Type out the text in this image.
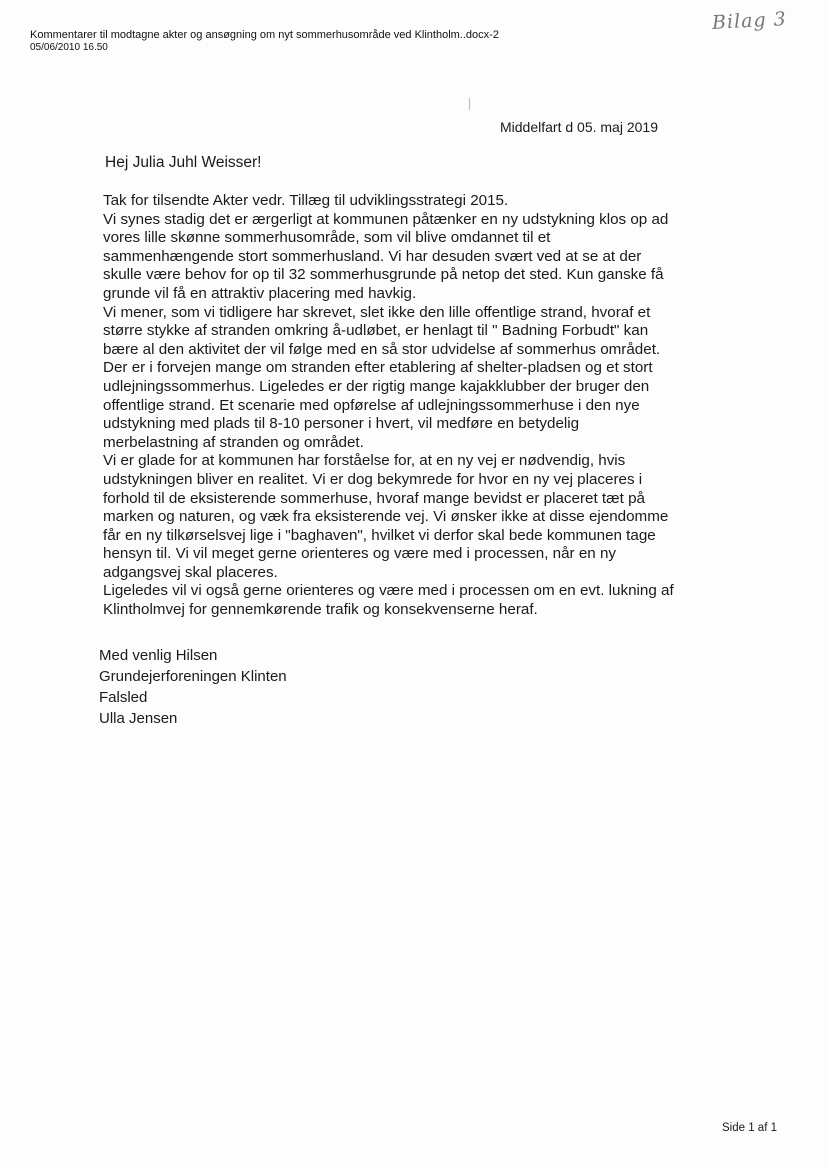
Kommentarer til modtagne akter og ansøgning om nyt sommerhusområde ved Klintholm..docx-2
05/06/2010 16.50
Bilag 3
Middelfart d 05. maj 2019
Hej Julia Juhl Weisser!
Tak for tilsendte Akter vedr. Tillæg til udviklingsstrategi 2015.
Vi synes stadig det er ærgerligt at kommunen påtænker en ny udstykning klos op ad
vores lille skønne sommerhusområde, som vil blive omdannet til et
sammenhængende stort sommerhusland. Vi har desuden svært ved at se at der
skulle være behov for op til 32 sommerhusgrunde på netop det sted. Kun ganske få
grunde vil få en attraktiv placering med havkig.
Vi mener, som vi tidligere har skrevet, slet ikke den lille offentlige strand, hvoraf et
større stykke af stranden omkring å-udløbet, er henlagt til " Badning Forbudt" kan
bære al den aktivitet der vil følge med en så stor udvidelse af sommerhus området.
Der er i forvejen mange om stranden efter etablering af shelter-pladsen og et stort
udlejningssommerhus. Ligeledes er der rigtig mange kajakklubber der bruger den
offentlige strand. Et scenarie med opførelse af udlejningssommerhuse i den nye
udstykning med plads til 8-10 personer i hvert, vil medføre en betydelig
merbelastning af stranden og området.
Vi er glade for at kommunen har forståelse for, at en ny vej er nødvendig, hvis
udstykningen bliver en realitet. Vi er dog bekymrede for hvor en ny vej placeres i
forhold til de eksisterende sommerhuse, hvoraf mange bevidst er placeret tæt på
marken og naturen, og væk fra eksisterende vej. Vi ønsker ikke at disse ejendomme
får en ny tilkørselsvej lige i "baghaven", hvilket vi derfor skal bede kommunen tage
hensyn til. Vi vil meget gerne orienteres og være med i processen, når en ny
adgangsvej skal placeres.
Ligeledes vil vi også gerne orienteres og være med i processen om en evt. lukning af
Klintholmvej for gennemkørende trafik og konsekvenserne heraf.
Med venlig Hilsen
Grundejerforeningen Klinten
Falsled
Ulla Jensen
Side 1 af 1
